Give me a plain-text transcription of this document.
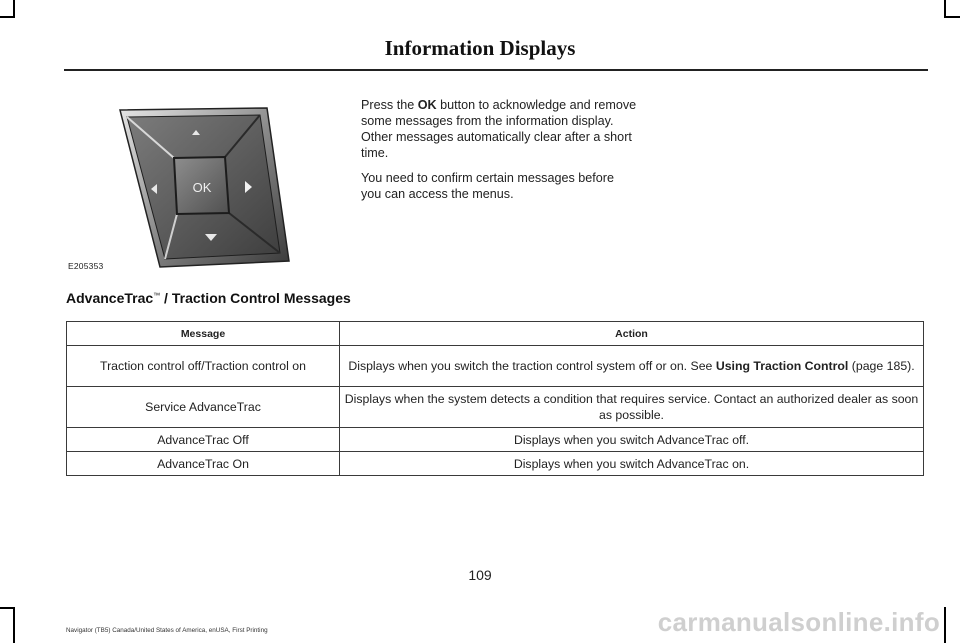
Information Displays
OK
E205353

Press the OK button to acknowledge and remove some messages from the information display. Other messages automatically clear after a short time.

You need to confirm certain messages before you can access the menus.

AdvanceTrac™ / Traction Control Messages
Message	Action
Traction control off/Traction control on	Displays when you switch the traction control system off or on. See Using Traction Control (page 185).
Service AdvanceTrac	Displays when the system detects a condition that requires service. Contact an authorized dealer as soon as possible.
AdvanceTrac Off	Displays when you switch AdvanceTrac off.
AdvanceTrac On	Displays when you switch AdvanceTrac on.
109
Navigator (TB5) Canada/United States of America, enUSA, First Printing	carmanualsonline.info
